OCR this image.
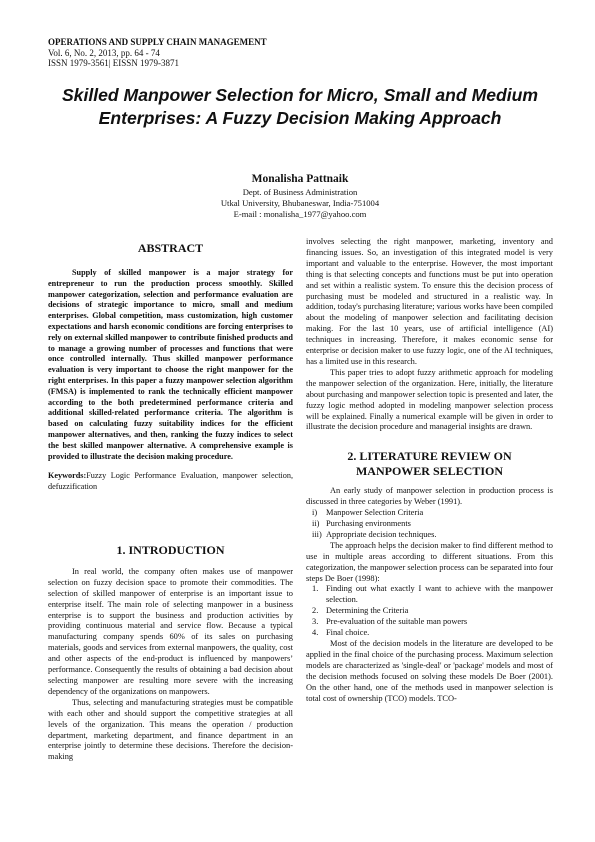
OPERATIONS AND SUPPLY CHAIN MANAGEMENT
Vol. 6, No. 2, 2013, pp. 64 - 74
ISSN 1979-3561| EISSN 1979-3871
Skilled Manpower Selection for Micro, Small and Medium Enterprises: A Fuzzy Decision Making Approach
Monalisha Pattnaik
Dept. of Business Administration
Utkal University, Bhubaneswar, India-751004
E-mail : monalisha_1977@yahoo.com
ABSTRACT

Supply of skilled manpower is a major strategy for entrepreneur to run the production process smoothly. Skilled manpower categorization, selection and performance evaluation are decisions of strategic importance to micro, small and medium enterprises. Global competition, mass customization, high customer expectations and harsh economic conditions are forcing enterprises to rely on external skilled manpower to contribute finished products and to manage a growing number of processes and functions that were once controlled internally. Thus skilled manpower performance evaluation is very important to choose the right manpower for the right enterprises. In this paper a fuzzy manpower selection algorithm (FMSA) is implemented to rank the technically efficient manpower according to the both predetermined performance criteria and additional skilled-related performance criteria. The algorithm is based on calculating fuzzy suitability indices for the efficient manpower alternatives, and then, ranking the fuzzy indices to select the best skilled manpower alternative. A comprehensive example is provided to illustrate the decision making procedure.

Keywords:Fuzzy Logic Performance Evaluation, manpower selection, defuzzification
1. INTRODUCTION

In real world, the company often makes use of manpower selection on fuzzy decision space to promote their commodities. The selection of skilled manpower of enterprise is an important issue to enterprise itself. The main role of selecting manpower in a business enterprise is to support the business and production activities by providing continuous material and service flow. Because a typical manufacturing company spends 60% of its sales on purchasing materials, goods and services from external manpowers, the quality, cost and other aspects of the end-product is influenced by manpowers’ performance. Consequently the results of obtaining a bad decision about selecting manpower are resulting more severe with the increasing dependency of the organizations on manpowers.

Thus, selecting and manufacturing strategies must be compatible with each other and should support the competitive strategies at all levels of the organization. This means the operation / production department, marketing department, and finance department in an enterprise jointly to determine these decisions. Therefore the decision-making

involves selecting the right manpower, marketing, inventory and financing issues. So, an investigation of this integrated model is very important and valuable to the enterprise. However, the most important thing is that selecting concepts and functions must be put into operation and set within a realistic system. To ensure this the decision process of purchasing must be modeled and structured in a realistic way. In addition, today's purchasing literature; various works have been compiled about the modeling of manpower selection and facilitating decision making. For the last 10 years, use of artificial intelligence (AI) techniques in increasing. Therefore, it makes economic sense for enterprise or decision maker to use fuzzy logic, one of the AI techniques, has a limited use in this research.

This paper tries to adopt fuzzy arithmetic approach for modeling the manpower selection of the organization. Here, initially, the literature about purchasing and manpower selection topic is presented and later, the fuzzy logic method adopted in modeling manpower selection process will be explained. Finally a numerical example will be given in order to illustrate the decision procedure and managerial insights are drawn.

2. LITERATURE REVIEW ON
MANPOWER SELECTION

An early study of manpower selection in production process is discussed in three categories by Weber (1991).

i) Manpower Selection Criteria
ii) Purchasing environments
iii) Appropriate decision techniques.

The approach helps the decision maker to find different method to use in multiple areas according to different situations. From this categorization, the manpower selection process can be separated into four steps De Boer (1998):

1. Finding out what exactly I want to achieve with the manpower selection.
2. Determining the Criteria
3. Pre-evaluation of the suitable man powers
4. Final choice.

Most of the decision models in the literature are developed to be applied in the final choice of the purchasing process. Maximum selection models are characterized as 'single-deal' or 'package' models and most of the decision methods focused on solving these models De Boer (2001). On the other hand, one of the methods used in manpower selection is total cost of ownership (TCO) models. TCO-
